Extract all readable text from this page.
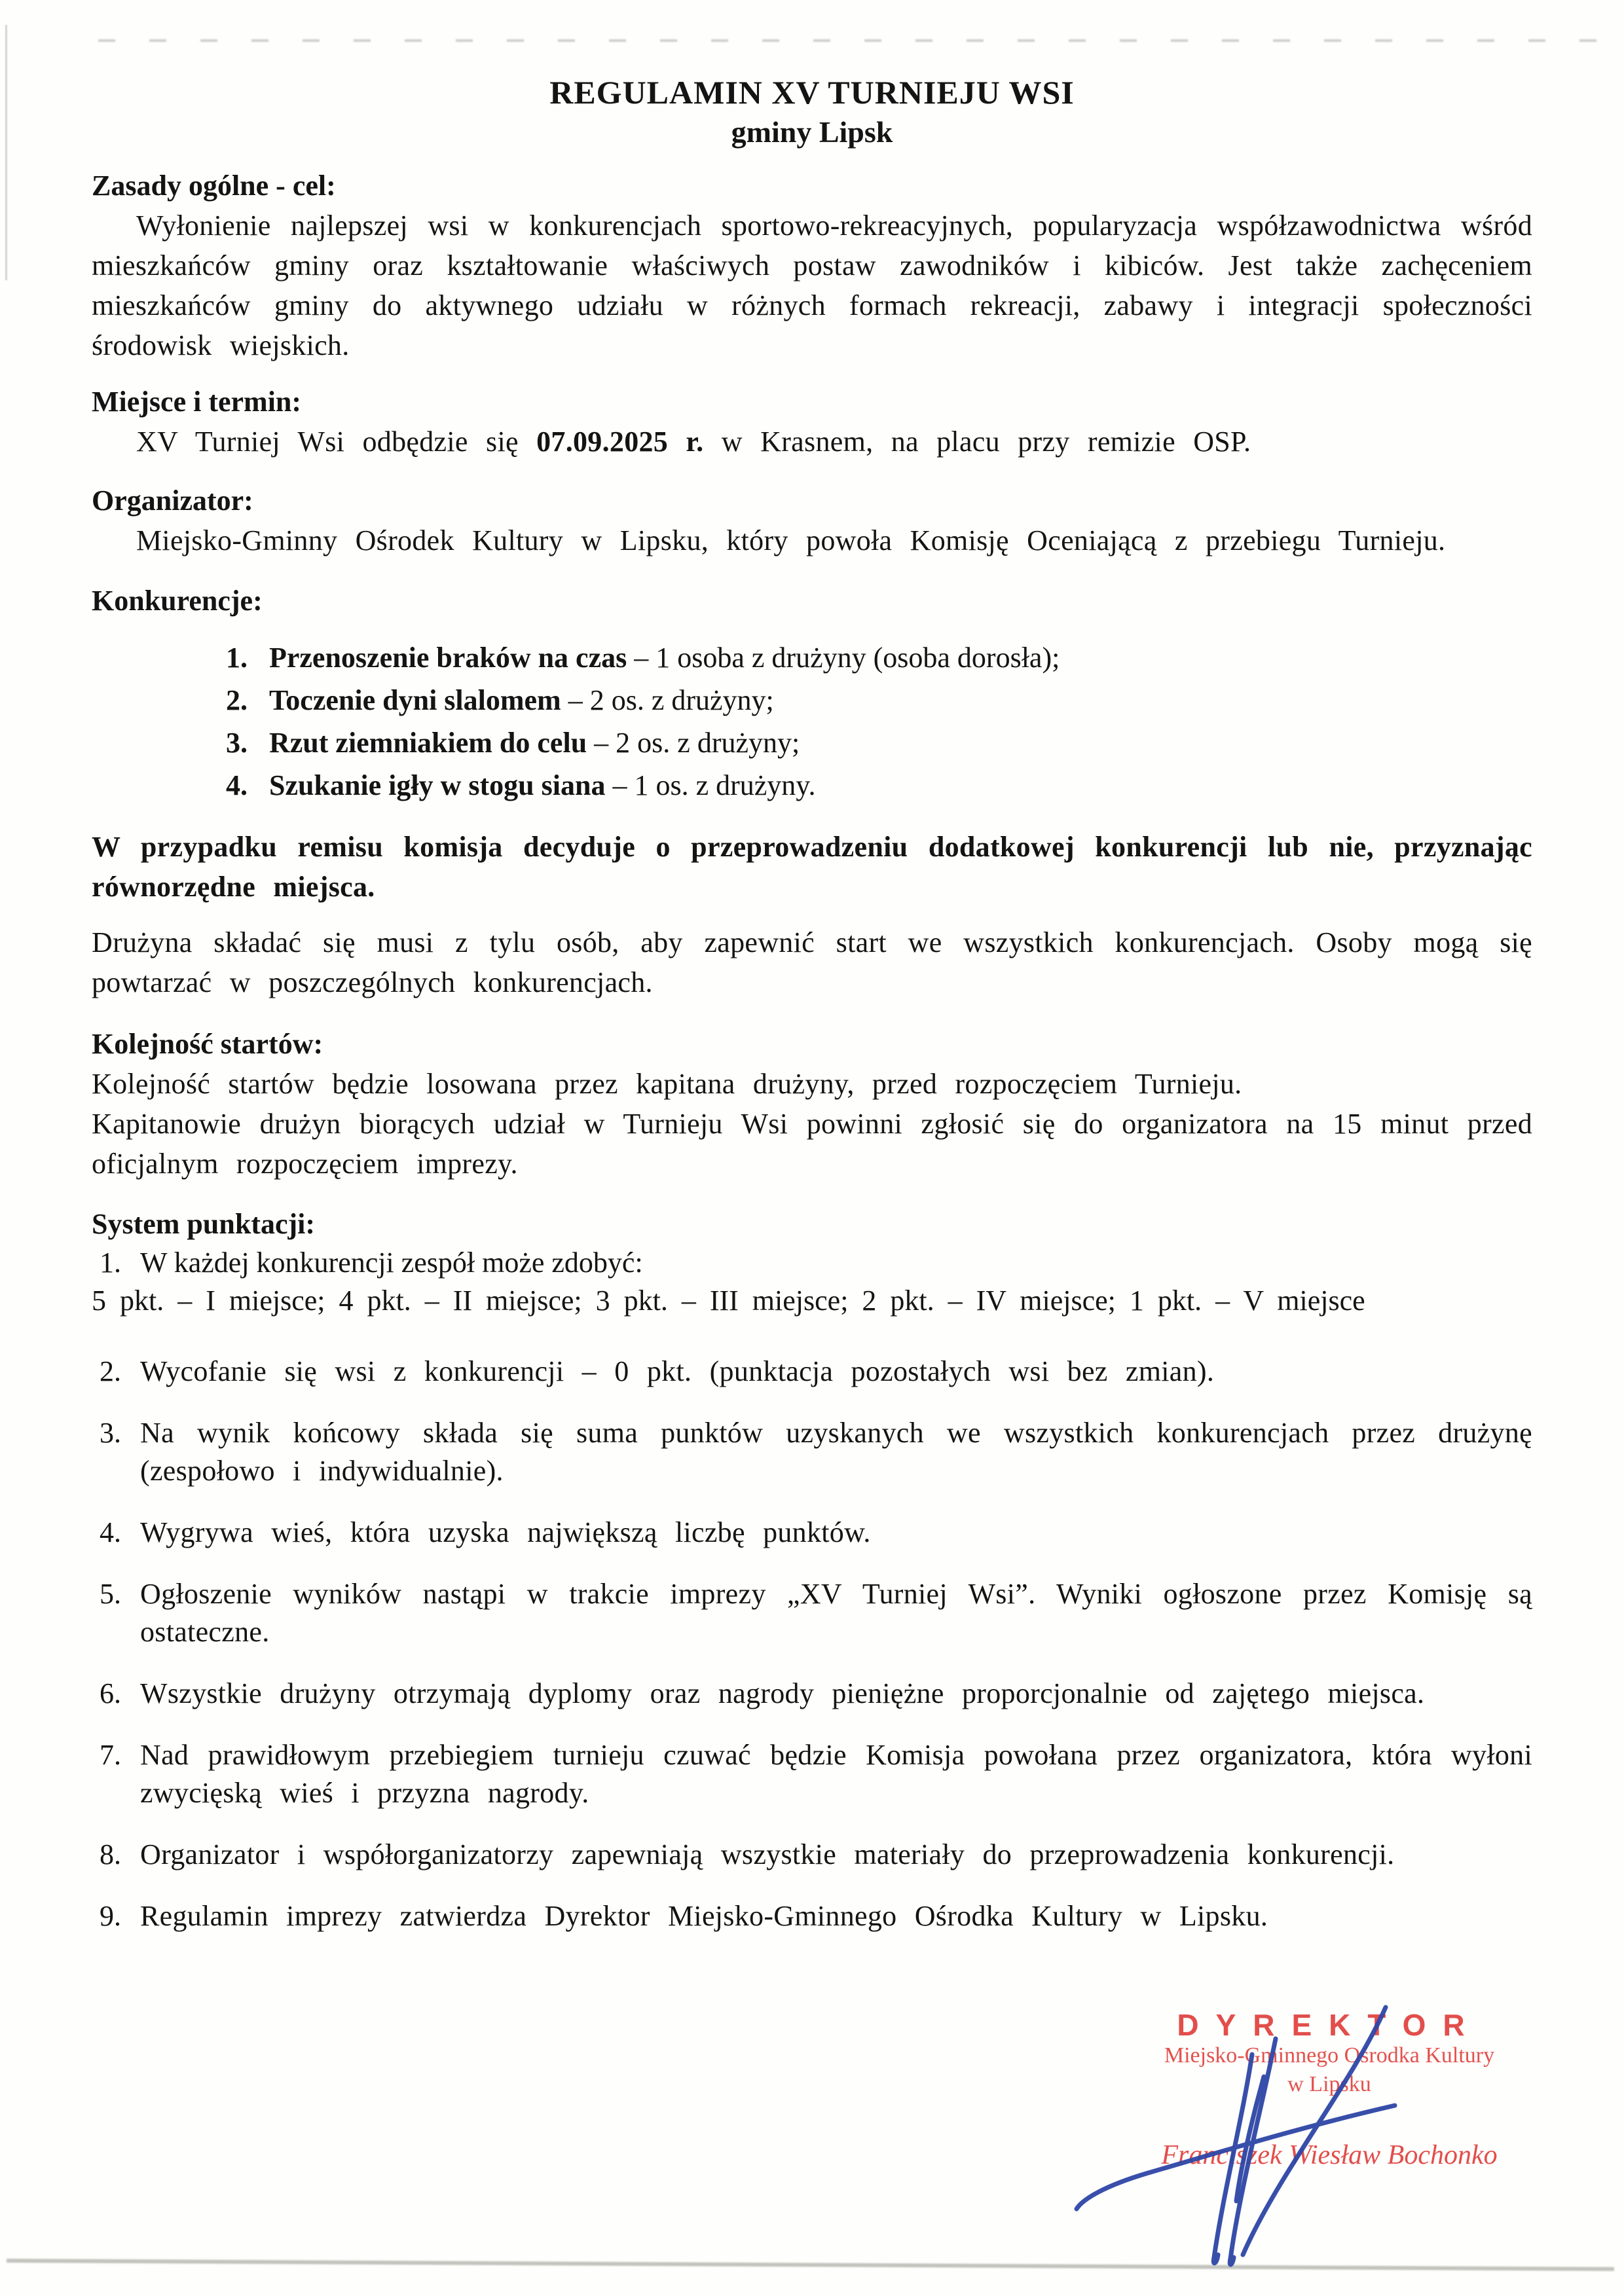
REGULAMIN XV TURNIEJU WSI
gminy Lipsk
Zasady ogólne - cel:

Wyłonienie najlepszej wsi w konkurencjach sportowo-rekreacyjnych, popularyzacja współzawodnictwa wśród mieszkańców gminy oraz kształtowanie właściwych postaw zawodników i kibiców. Jest także zachęceniem mieszkańców gminy do aktywnego udziału w różnych formach rekreacji, zabawy i integracji społeczności środowisk wiejskich.

Miejsce i termin:

XV Turniej Wsi odbędzie się 07.09.2025 r. w Krasnem, na placu przy remizie OSP.

Organizator:

Miejsko-Gminny Ośrodek Kultury w Lipsku, który powoła Komisję Oceniającą z przebiegu Turnieju.

Konkurencje:
1. Przenoszenie braków na czas – 1 osoba z drużyny (osoba dorosła);
2. Toczenie dyni slalomem – 2 os. z drużyny;
3. Rzut ziemniakiem do celu – 2 os. z drużyny;
4. Szukanie igły w stogu siana – 1 os. z drużyny.

W przypadku remisu komisja decyduje o przeprowadzeniu dodatkowej konkurencji lub nie, przyznając równorzędne miejsca.

Drużyna składać się musi z tylu osób, aby zapewnić start we wszystkich konkurencjach. Osoby mogą się powtarzać w poszczególnych konkurencjach.

Kolejność startów:

Kolejność startów będzie losowana przez kapitana drużyny, przed rozpoczęciem Turnieju.

Kapitanowie drużyn biorących udział w Turnieju Wsi powinni zgłosić się do organizatora na 15 minut przed oficjalnym rozpoczęciem imprezy.

System punktacji:
1. W każdej konkurencji zespół może zdobyć:
5 pkt. – I miejsce; 4 pkt. – II miejsce; 3 pkt. – III miejsce; 2 pkt. – IV miejsce; 1 pkt. – V miejsce
2. Wycofanie się wsi z konkurencji – 0 pkt. (punktacja pozostałych wsi bez zmian).
3. Na wynik końcowy składa się suma punktów uzyskanych we wszystkich konkurencjach przez drużynę (zespołowo i indywidualnie).
4. Wygrywa wieś, która uzyska największą liczbę punktów.
5. Ogłoszenie wyników nastąpi w trakcie imprezy „XV Turniej Wsi”. Wyniki ogłoszone przez Komisję są ostateczne.
6. Wszystkie drużyny otrzymają dyplomy oraz nagrody pieniężne proporcjonalnie od zajętego miejsca.
7. Nad prawidłowym przebiegiem turnieju czuwać będzie Komisja powołana przez organizatora, która wyłoni zwycięską wieś i przyzna nagrody.
8. Organizator i współorganizatorzy zapewniają wszystkie materiały do przeprowadzenia konkurencji.
9. Regulamin imprezy zatwierdza Dyrektor Miejsko-Gminnego Ośrodka Kultury w Lipsku.
DYREKTOR
Miejsko-Gminnego Ośrodka Kultury
w Lipsku
Franciszek Wiesław Bochonko
